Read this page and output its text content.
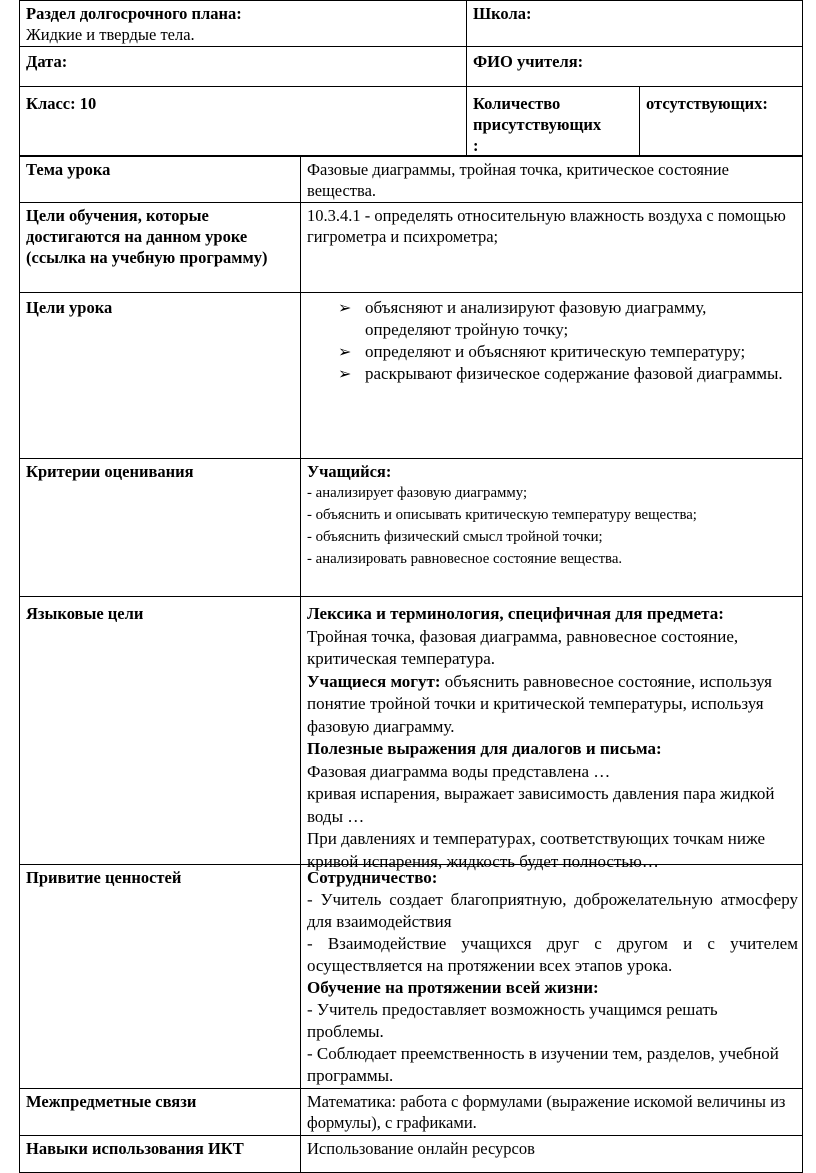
Раздел долгосрочного плана:
Жидкие и твердые тела.
Школа:
Дата:	ФИО учителя:
Класс: 10	Количество
присутствующих
:
отсутствующих:
Тема урока	Фазовые диаграммы, тройная точка, критическое состояние вещества.
Цели обучения, которые достигаются на данном уроке (ссылка на учебную программу)
10.3.4.1 - определять относительную влажность воздуха с помощью гигрометра и психрометра;
Цели урока
➢	объясняют и анализируют фазовую диаграмму, определяют тройную точку;
➢ определяют и объясняют критическую температуру;
➢ раскрывают физическое содержание фазовой диаграммы.
Критерии оценивания	Учащийся:
- анализирует фазовую диаграмму;
- объяснить и описывать критическую температуру вещества;
- объяснить физический смысл тройной точки;
- анализировать равновесное состояние вещества.
Языковые цели	Лексика и терминология, специфичная для предмета:

Тройная точка, фазовая диаграмма, равновесное состояние, критическая температура.

Учащиеся могут: объяснить равновесное состояние, используя понятие тройной точки и критической температуры, используя фазовую диаграмму.

Полезные выражения для диалогов и письма:

Фазовая диаграмма воды представлена …

кривая испарения, выражает зависимость давления пара жидкой воды …

При давлениях и температурах, соответствующих точкам ниже кривой испарения, жидкость будет полностью…

Привитие ценностей	Сотрудничество:

- Учитель создает благоприятную, доброжелательную атмосферу для взаимодействия

- Взаимодействие учащихся друг с другом и с учителем осуществляется на протяжении всех этапов урока.

Обучение на протяжении всей жизни:

- Учитель предоставляет возможность учащимся решать проблемы.

- Соблюдает преемственность в изучении тем, разделов, учебной программы.

Межпредметные связи	Математика: работа с формулами (выражение искомой величины из формулы), с графиками.
Навыки использования ИКТ	Использование онлайн ресурсов
